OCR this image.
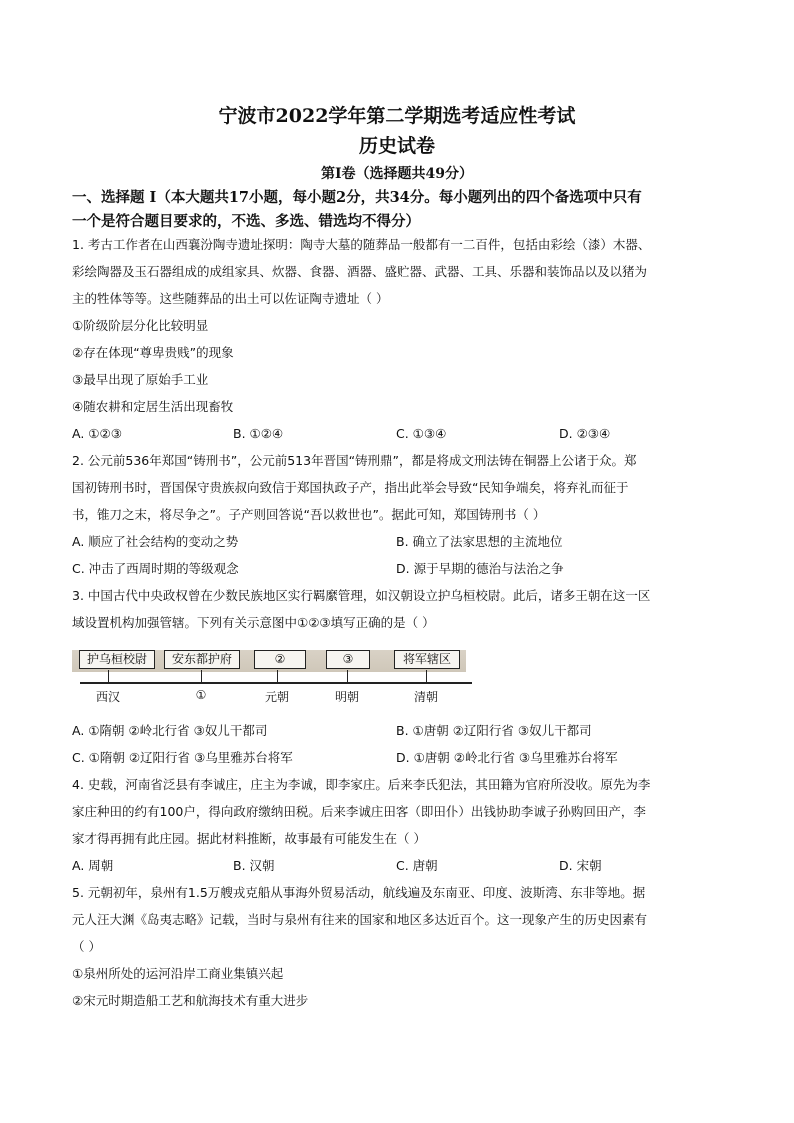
宁波市2022学年第二学期选考适应性考试
历史试卷
第I卷（选择题共49分）
一、选择题 I（本大题共17小题，每小题2分，共34分。每小题列出的四个备选项中只有
一个是符合题目要求的，不选、多选、错选均不得分）
1. 考古工作者在山西襄汾陶寺遗址探明：陶寺大墓的随葬品一般都有一二百件，包括由彩绘（漆）木器、
彩绘陶器及玉石器组成的成组家具、炊器、食器、酒器、盛贮器、武器、工具、乐器和装饰品以及以猪为
主的牲体等等。这些随葬品的出土可以佐证陶寺遗址（ ）
①阶级阶层分化比较明显
②存在体现“尊卑贵贱”的现象
③最早出现了原始手工业
④随农耕和定居生活出现畜牧
A. ①②③	B. ①②④	C. ①③④	D. ②③④
2. 公元前536年郑国“铸刑书”，公元前513年晋国“铸刑鼎”，都是将成文刑法铸在铜器上公诸于众。郑
国初铸刑书时，晋国保守贵族叔向致信于郑国执政子产，指出此举会导致“民知争端矣，将弃礼而征于
书，锥刀之末，将尽争之”。子产则回答说“吾以救世也”。据此可知，郑国铸刑书（ ）
A. 顺应了社会结构的变动之势	B. 确立了法家思想的主流地位
C. 冲击了西周时期的等级观念	D. 源于早期的德治与法治之争
3. 中国古代中央政权曾在少数民族地区实行羁縻管理，如汉朝设立护乌桓校尉。此后，诸多王朝在这一区
域设置机构加强管辖。下列有关示意图中①②③填写正确的是（ ）
护乌桓校尉	安东都护府	②	③	将军辖区
西汉	①	元朝	明朝	清朝
A. ①隋朝 ②岭北行省 ③奴儿干都司	B. ①唐朝 ②辽阳行省 ③奴儿干都司
C. ①隋朝 ②辽阳行省 ③乌里雅苏台将军	D. ①唐朝 ②岭北行省 ③乌里雅苏台将军
4. 史载，河南省泛县有李诚庄，庄主为李诚，即李家庄。后来李氏犯法，其田籍为官府所没收。原先为李
家庄种田的约有100户，得向政府缴纳田税。后来李诚庄田客（即田仆）出钱协助李诚子孙购回田产，李
家才得再拥有此庄园。据此材料推断，故事最有可能发生在（ ）
A. 周朝	B. 汉朝	C. 唐朝	D. 宋朝
5. 元朝初年，泉州有1.5万艘戎克船从事海外贸易活动，航线遍及东南亚、印度、波斯湾、东非等地。据
元人汪大渊《岛夷志略》记载，当时与泉州有往来的国家和地区多达近百个。这一现象产生的历史因素有
（ ）
①泉州所处的运河沿岸工商业集镇兴起
②宋元时期造船工艺和航海技术有重大进步
